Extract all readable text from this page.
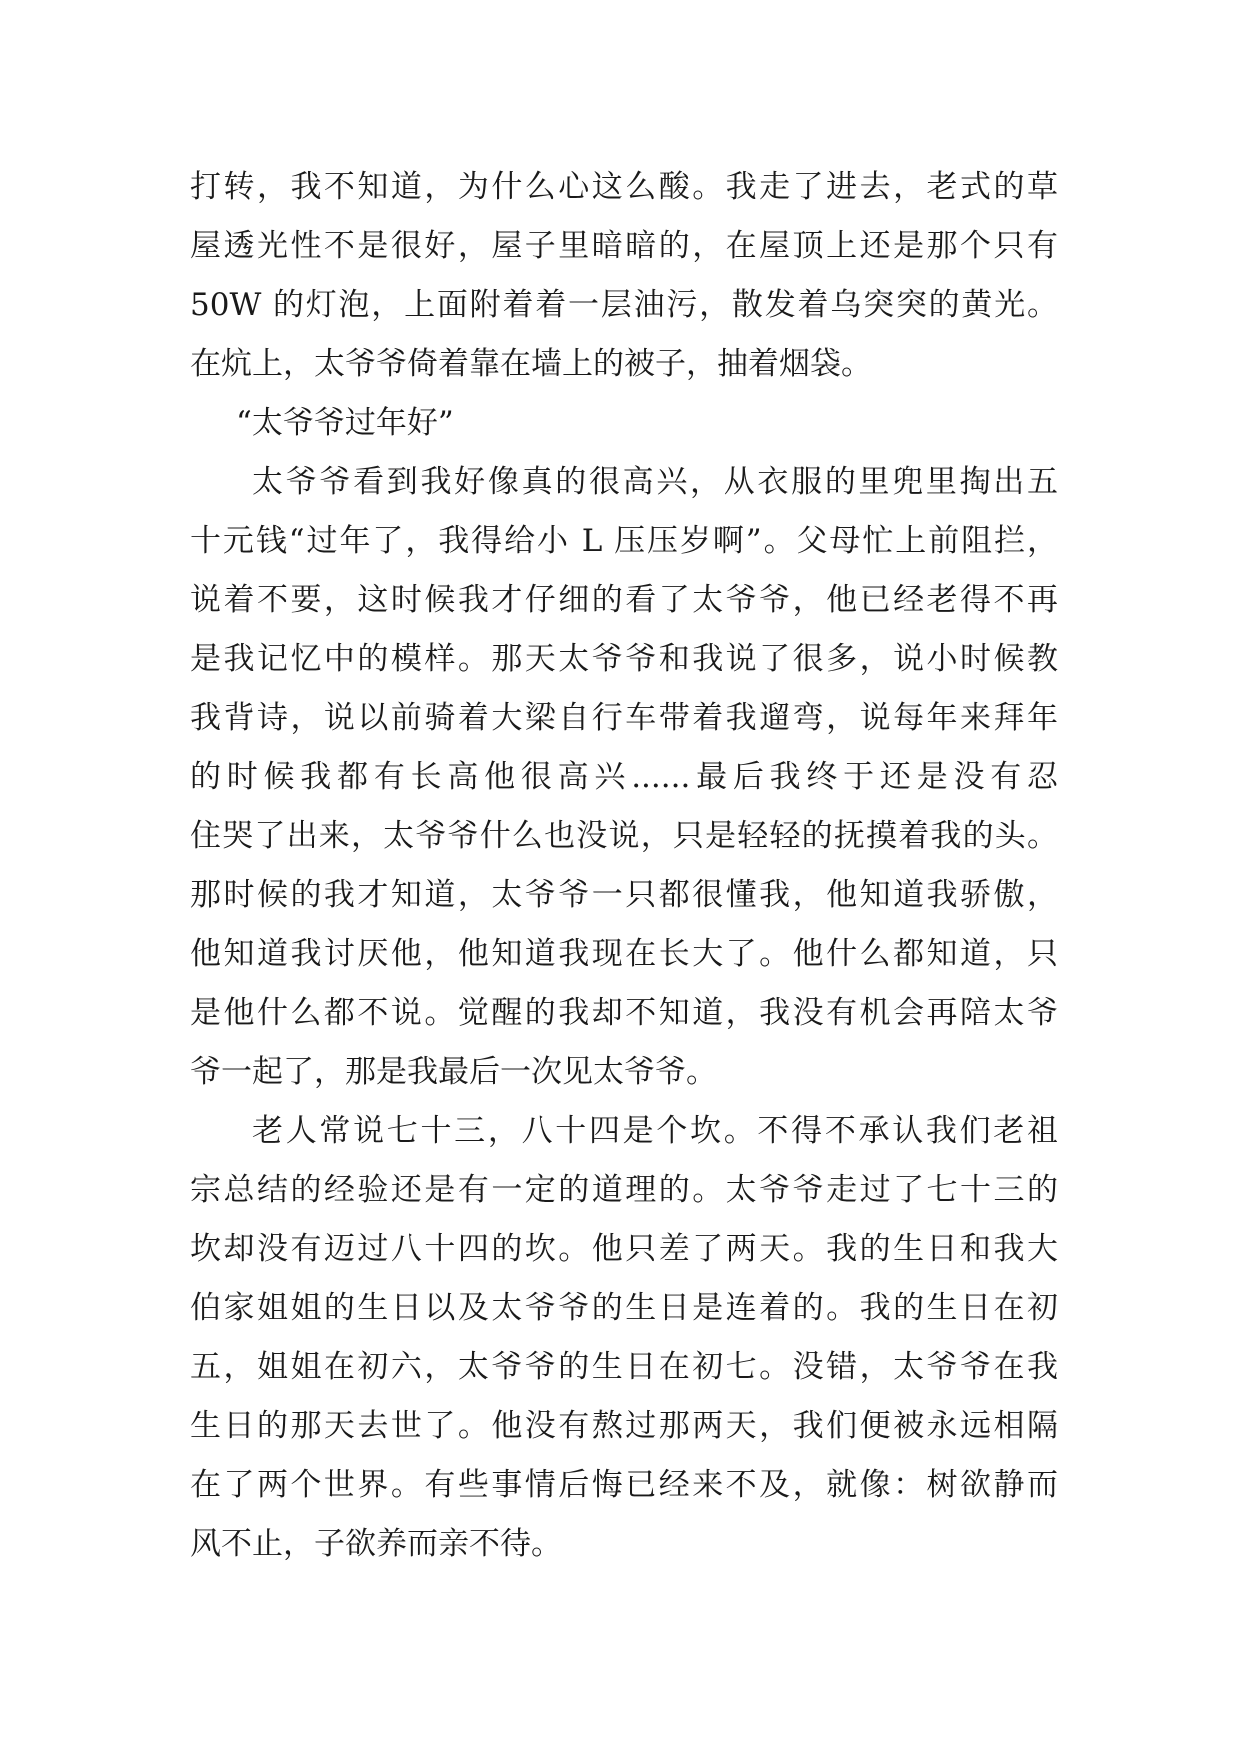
打转，我不知道，为什么心这么酸。我走了进去，老式的草
屋透光性不是很好，屋子里暗暗的，在屋顶上还是那个只有
50W 的灯泡，上面附着着一层油污，散发着乌突突的黄光。
在炕上，太爷爷倚着靠在墙上的被子，抽着烟袋。
“太爷爷过年好”
太爷爷看到我好像真的很高兴，从衣服的里兜里掏出五
十元钱“过年了，我得给小 L 压压岁啊”。父母忙上前阻拦，
说着不要，这时候我才仔细的看了太爷爷，他已经老得不再
是我记忆中的模样。那天太爷爷和我说了很多，说小时候教
我背诗，说以前骑着大梁自行车带着我遛弯，说每年来拜年
的时候我都有长高他很高兴......最后我终于还是没有忍
住哭了出来，太爷爷什么也没说，只是轻轻的抚摸着我的头。
那时候的我才知道，太爷爷一只都很懂我，他知道我骄傲，
他知道我讨厌他，他知道我现在长大了。他什么都知道，只
是他什么都不说。觉醒的我却不知道，我没有机会再陪太爷
爷一起了，那是我最后一次见太爷爷。
老人常说七十三，八十四是个坎。不得不承认我们老祖
宗总结的经验还是有一定的道理的。太爷爷走过了七十三的
坎却没有迈过八十四的坎。他只差了两天。我的生日和我大
伯家姐姐的生日以及太爷爷的生日是连着的。我的生日在初
五，姐姐在初六，太爷爷的生日在初七。没错，太爷爷在我
生日的那天去世了。他没有熬过那两天，我们便被永远相隔
在了两个世界。有些事情后悔已经来不及，就像：树欲静而
风不止，子欲养而亲不待。
